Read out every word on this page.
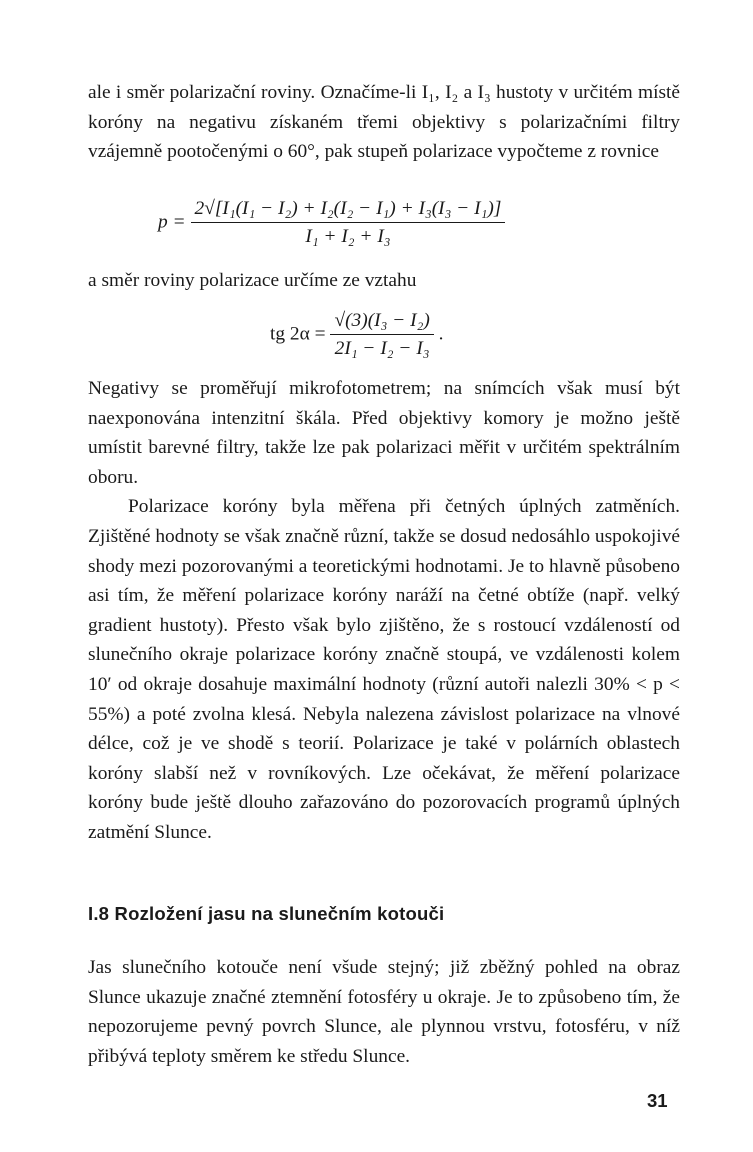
ale i směr polarizační roviny. Označíme-li I₁, I₂ a I₃ hustoty v určitém místě koróny na negativu získaném třemi objektivy s polarizačními filtry vzájemně pootočenými o 60°, pak stupeň polarizace vypočteme z rovnice

$p = \frac{\text{2√[I₁(I₁ − I₂) + I₂(I₂ − I₁) + I₃(I₃ − I₁)]}}{\text{I₁ + I₂ + I₃}}$

a směr roviny polarizace určíme ze vztahu

tg $2\alpha = \frac{\text{√(3)(I₃ − I₂)}}{\text{2I₁ − I₂ − I₃}}$ .

Negativy se proměřují mikrofotometrem; na snímcích však musí být naexponována intenzitní škála. Před objektivy komory je možno ještě umístit barevné filtry, takže lze pak polarizaci měřit v určitém spektrálním oboru.

Polarizace koróny byla měřena při četných úplných zatměních. Zjištěné hodnoty se však značně různí, takže se dosud nedosáhlo uspokojivé shody mezi pozorovanými a teoretickými hodnotami. Je to hlavně působeno asi tím, že měření polarizace koróny naráží na četné obtíže (např. velký gradient hustoty). Přesto však bylo zjištěno, že s rostoucí vzdáleností od slunečního okraje polarizace koróny značně stoupá, ve vzdálenosti kolem 10′ od okraje dosahuje maximální hodnoty (různí autoři nalezli 30% < p < 55%) a poté zvolna klesá. Nebyla nalezena závislost polarizace na vlnové délce, což je ve shodě s teorií. Polarizace je také v polárních oblastech koróny slabší než v rovníkových. Lze očekávat, že měření polarizace koróny bude ještě dlouho zařazováno do pozorovacích programů úplných zatmění Slunce.

I.8 Rozložení jasu na slunečním kotouči

Jas slunečního kotouče není všude stejný; již zběžný pohled na obraz Slunce ukazuje značné ztemnění fotosféry u okraje. Je to způsobeno tím, že nepozorujeme pevný povrch Slunce, ale plynnou vrstvu, fotosféru, v níž přibývá teploty směrem ke středu Slunce.

31
